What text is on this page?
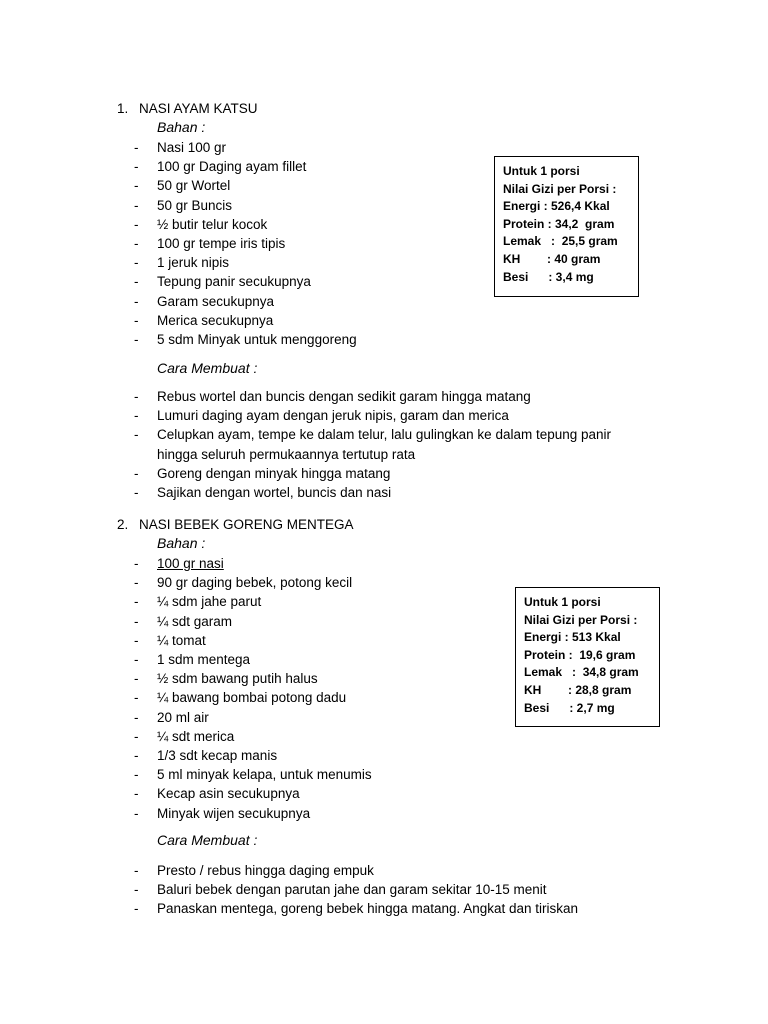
1. NASI AYAM KATSU
Bahan :
- Nasi 100 gr
- 100 gr Daging ayam fillet
- 50 gr Wortel
- 50 gr Buncis
- ½ butir telur kocok
- 100 gr tempe iris tipis
- 1 jeruk nipis
- Tepung panir secukupnya
- Garam secukupnya
- Merica secukupnya
- 5 sdm Minyak untuk menggoreng
Cara Membuat :
- Rebus wortel dan buncis dengan sedikit garam hingga matang
- Lumuri daging ayam dengan jeruk nipis, garam dan merica
- Celupkan ayam, tempe ke dalam telur, lalu gulingkan ke dalam tepung panir
hingga seluruh permukaannya tertutup rata
- Goreng dengan minyak hingga matang
- Sajikan dengan wortel, buncis dan nasi
Untuk 1 porsi
Nilai Gizi per Porsi :
Energi : 526,4 Kkal
Protein : 34,2  gram
Lemak   :  25,5 gram
KH        : 40 gram
Besi      : 3,4 mg
2. NASI BEBEK GORENG MENTEGA
Bahan :
- 100 gr nasi
- 90 gr daging bebek, potong kecil
- ¼ sdm jahe parut
- ¼ sdt garam
- ¼ tomat
- 1 sdm mentega
- ½ sdm bawang putih halus
- ¼ bawang bombai potong dadu
- 20 ml air
- ¼ sdt merica
- 1/3 sdt kecap manis
- 5 ml minyak kelapa, untuk menumis
- Kecap asin secukupnya
- Minyak wijen secukupnya
Cara Membuat :
- Presto / rebus hingga daging empuk
- Baluri bebek dengan parutan jahe dan garam sekitar 10-15 menit
- Panaskan mentega, goreng bebek hingga matang. Angkat dan tiriskan
Untuk 1 porsi
Nilai Gizi per Porsi :
Energi : 513 Kkal
Protein :  19,6 gram
Lemak   :  34,8 gram
KH        : 28,8 gram
Besi      : 2,7 mg
